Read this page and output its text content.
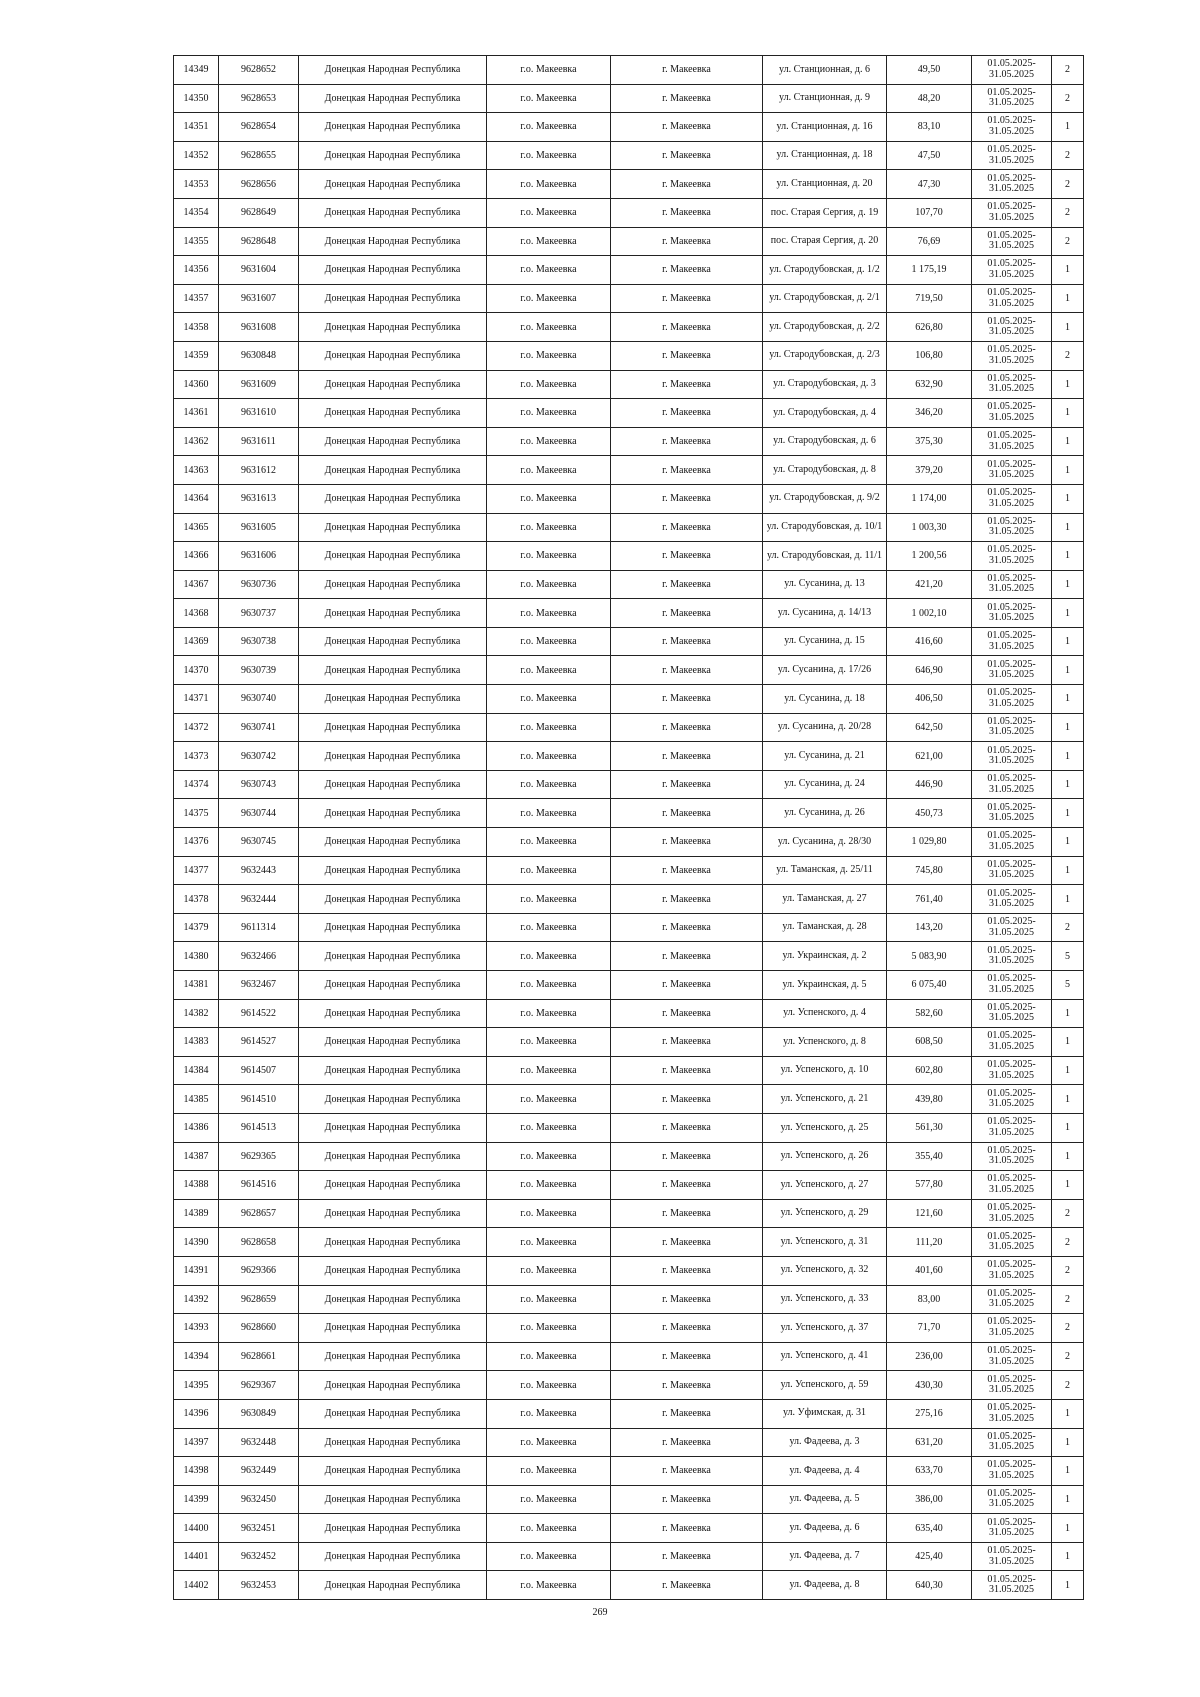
14349	9628652	Донецкая Народная Республика	г.о. Макеевка	г. Макеевка	ул. Станционная, д. 6	49,50	01.05.2025-31.05.2025	2
14350	9628653	Донецкая Народная Республика	г.о. Макеевка	г. Макеевка	ул. Станционная, д. 9	48,20	01.05.2025-31.05.2025	2
14351	9628654	Донецкая Народная Республика	г.о. Макеевка	г. Макеевка	ул. Станционная, д. 16	83,10	01.05.2025-31.05.2025	1
14352	9628655	Донецкая Народная Республика	г.о. Макеевка	г. Макеевка	ул. Станционная, д. 18	47,50	01.05.2025-31.05.2025	2
14353	9628656	Донецкая Народная Республика	г.о. Макеевка	г. Макеевка	ул. Станционная, д. 20	47,30	01.05.2025-31.05.2025	2
14354	9628649	Донецкая Народная Республика	г.о. Макеевка	г. Макеевка	пос. Старая Сергия, д. 19	107,70	01.05.2025-31.05.2025	2
14355	9628648	Донецкая Народная Республика	г.о. Макеевка	г. Макеевка	пос. Старая Сергия, д. 20	76,69	01.05.2025-31.05.2025	2
14356	9631604	Донецкая Народная Республика	г.о. Макеевка	г. Макеевка	ул. Стародубовская, д. 1/2	1 175,19	01.05.2025-31.05.2025	1
14357	9631607	Донецкая Народная Республика	г.о. Макеевка	г. Макеевка	ул. Стародубовская, д. 2/1	719,50	01.05.2025-31.05.2025	1
14358	9631608	Донецкая Народная Республика	г.о. Макеевка	г. Макеевка	ул. Стародубовская, д. 2/2	626,80	01.05.2025-31.05.2025	1
14359	9630848	Донецкая Народная Республика	г.о. Макеевка	г. Макеевка	ул. Стародубовская, д. 2/3	106,80	01.05.2025-31.05.2025	2
14360	9631609	Донецкая Народная Республика	г.о. Макеевка	г. Макеевка	ул. Стародубовская, д. 3	632,90	01.05.2025-31.05.2025	1
14361	9631610	Донецкая Народная Республика	г.о. Макеевка	г. Макеевка	ул. Стародубовская, д. 4	346,20	01.05.2025-31.05.2025	1
14362	9631611	Донецкая Народная Республика	г.о. Макеевка	г. Макеевка	ул. Стародубовская, д. 6	375,30	01.05.2025-31.05.2025	1
14363	9631612	Донецкая Народная Республика	г.о. Макеевка	г. Макеевка	ул. Стародубовская, д. 8	379,20	01.05.2025-31.05.2025	1
14364	9631613	Донецкая Народная Республика	г.о. Макеевка	г. Макеевка	ул. Стародубовская, д. 9/2	1 174,00	01.05.2025-31.05.2025	1
14365	9631605	Донецкая Народная Республика	г.о. Макеевка	г. Макеевка	ул. Стародубовская, д. 10/1	1 003,30	01.05.2025-31.05.2025	1
14366	9631606	Донецкая Народная Республика	г.о. Макеевка	г. Макеевка	ул. Стародубовская, д. 11/1	1 200,56	01.05.2025-31.05.2025	1
14367	9630736	Донецкая Народная Республика	г.о. Макеевка	г. Макеевка	ул. Сусанина, д. 13	421,20	01.05.2025-31.05.2025	1
14368	9630737	Донецкая Народная Республика	г.о. Макеевка	г. Макеевка	ул. Сусанина, д. 14/13	1 002,10	01.05.2025-31.05.2025	1
14369	9630738	Донецкая Народная Республика	г.о. Макеевка	г. Макеевка	ул. Сусанина, д. 15	416,60	01.05.2025-31.05.2025	1
14370	9630739	Донецкая Народная Республика	г.о. Макеевка	г. Макеевка	ул. Сусанина, д. 17/26	646,90	01.05.2025-31.05.2025	1
14371	9630740	Донецкая Народная Республика	г.о. Макеевка	г. Макеевка	ул. Сусанина, д. 18	406,50	01.05.2025-31.05.2025	1
14372	9630741	Донецкая Народная Республика	г.о. Макеевка	г. Макеевка	ул. Сусанина, д. 20/28	642,50	01.05.2025-31.05.2025	1
14373	9630742	Донецкая Народная Республика	г.о. Макеевка	г. Макеевка	ул. Сусанина, д. 21	621,00	01.05.2025-31.05.2025	1
14374	9630743	Донецкая Народная Республика	г.о. Макеевка	г. Макеевка	ул. Сусанина, д. 24	446,90	01.05.2025-31.05.2025	1
14375	9630744	Донецкая Народная Республика	г.о. Макеевка	г. Макеевка	ул. Сусанина, д. 26	450,73	01.05.2025-31.05.2025	1
14376	9630745	Донецкая Народная Республика	г.о. Макеевка	г. Макеевка	ул. Сусанина, д. 28/30	1 029,80	01.05.2025-31.05.2025	1
14377	9632443	Донецкая Народная Республика	г.о. Макеевка	г. Макеевка	ул. Таманская, д. 25/11	745,80	01.05.2025-31.05.2025	1
14378	9632444	Донецкая Народная Республика	г.о. Макеевка	г. Макеевка	ул. Таманская, д. 27	761,40	01.05.2025-31.05.2025	1
14379	9611314	Донецкая Народная Республика	г.о. Макеевка	г. Макеевка	ул. Таманская, д. 28	143,20	01.05.2025-31.05.2025	2
14380	9632466	Донецкая Народная Республика	г.о. Макеевка	г. Макеевка	ул. Украинская, д. 2	5 083,90	01.05.2025-31.05.2025	5
14381	9632467	Донецкая Народная Республика	г.о. Макеевка	г. Макеевка	ул. Украинская, д. 5	6 075,40	01.05.2025-31.05.2025	5
14382	9614522	Донецкая Народная Республика	г.о. Макеевка	г. Макеевка	ул. Успенского, д. 4	582,60	01.05.2025-31.05.2025	1
14383	9614527	Донецкая Народная Республика	г.о. Макеевка	г. Макеевка	ул. Успенского, д. 8	608,50	01.05.2025-31.05.2025	1
14384	9614507	Донецкая Народная Республика	г.о. Макеевка	г. Макеевка	ул. Успенского, д. 10	602,80	01.05.2025-31.05.2025	1
14385	9614510	Донецкая Народная Республика	г.о. Макеевка	г. Макеевка	ул. Успенского, д. 21	439,80	01.05.2025-31.05.2025	1
14386	9614513	Донецкая Народная Республика	г.о. Макеевка	г. Макеевка	ул. Успенского, д. 25	561,30	01.05.2025-31.05.2025	1
14387	9629365	Донецкая Народная Республика	г.о. Макеевка	г. Макеевка	ул. Успенского, д. 26	355,40	01.05.2025-31.05.2025	1
14388	9614516	Донецкая Народная Республика	г.о. Макеевка	г. Макеевка	ул. Успенского, д. 27	577,80	01.05.2025-31.05.2025	1
14389	9628657	Донецкая Народная Республика	г.о. Макеевка	г. Макеевка	ул. Успенского, д. 29	121,60	01.05.2025-31.05.2025	2
14390	9628658	Донецкая Народная Республика	г.о. Макеевка	г. Макеевка	ул. Успенского, д. 31	111,20	01.05.2025-31.05.2025	2
14391	9629366	Донецкая Народная Республика	г.о. Макеевка	г. Макеевка	ул. Успенского, д. 32	401,60	01.05.2025-31.05.2025	2
14392	9628659	Донецкая Народная Республика	г.о. Макеевка	г. Макеевка	ул. Успенского, д. 33	83,00	01.05.2025-31.05.2025	2
14393	9628660	Донецкая Народная Республика	г.о. Макеевка	г. Макеевка	ул. Успенского, д. 37	71,70	01.05.2025-31.05.2025	2
14394	9628661	Донецкая Народная Республика	г.о. Макеевка	г. Макеевка	ул. Успенского, д. 41	236,00	01.05.2025-31.05.2025	2
14395	9629367	Донецкая Народная Республика	г.о. Макеевка	г. Макеевка	ул. Успенского, д. 59	430,30	01.05.2025-31.05.2025	2
14396	9630849	Донецкая Народная Республика	г.о. Макеевка	г. Макеевка	ул. Уфимская, д. 31	275,16	01.05.2025-31.05.2025	1
14397	9632448	Донецкая Народная Республика	г.о. Макеевка	г. Макеевка	ул. Фадеева, д. 3	631,20	01.05.2025-31.05.2025	1
14398	9632449	Донецкая Народная Республика	г.о. Макеевка	г. Макеевка	ул. Фадеева, д. 4	633,70	01.05.2025-31.05.2025	1
14399	9632450	Донецкая Народная Республика	г.о. Макеевка	г. Макеевка	ул. Фадеева, д. 5	386,00	01.05.2025-31.05.2025	1
14400	9632451	Донецкая Народная Республика	г.о. Макеевка	г. Макеевка	ул. Фадеева, д. 6	635,40	01.05.2025-31.05.2025	1
14401	9632452	Донецкая Народная Республика	г.о. Макеевка	г. Макеевка	ул. Фадеева, д. 7	425,40	01.05.2025-31.05.2025	1
14402	9632453	Донецкая Народная Республика	г.о. Макеевка	г. Макеевка	ул. Фадеева, д. 8	640,30	01.05.2025-31.05.2025	1
269
